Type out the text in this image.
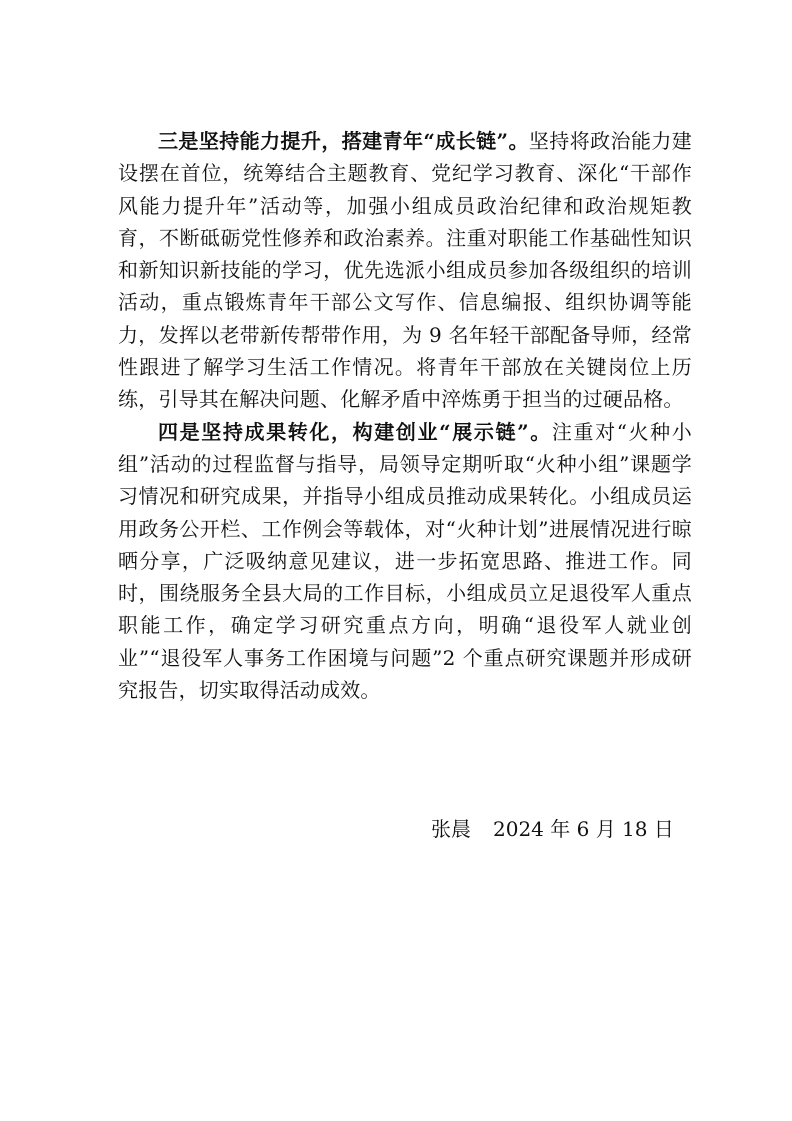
三是坚持能力提升，搭建青年“成长链”。坚持将政治能力建设摆在首位，统筹结合主题教育、党纪学习教育、深化“干部作风能力提升年”活动等，加强小组成员政治纪律和政治规矩教育，不断砥砺党性修养和政治素养。注重对职能工作基础性知识和新知识新技能的学习，优先选派小组成员参加各级组织的培训活动，重点锻炼青年干部公文写作、信息编报、组织协调等能力，发挥以老带新传帮带作用，为 9 名年轻干部配备导师，经常性跟进了解学习生活工作情况。将青年干部放在关键岗位上历练，引导其在解决问题、化解矛盾中淬炼勇于担当的过硬品格。

四是坚持成果转化，构建创业“展示链”。注重对“火种小组”活动的过程监督与指导，局领导定期听取“火种小组”课题学习情况和研究成果，并指导小组成员推动成果转化。小组成员运用政务公开栏、工作例会等载体，对“火种计划”进展情况进行晾晒分享，广泛吸纳意见建议，进一步拓宽思路、推进工作。同时，围绕服务全县大局的工作目标，小组成员立足退役军人重点职能工作，确定学习研究重点方向，明确“退役军人就业创业”“退役军人事务工作困境与问题”2 个重点研究课题并形成研究报告，切实取得活动成效。

张晨 2024 年 6 月 18 日
